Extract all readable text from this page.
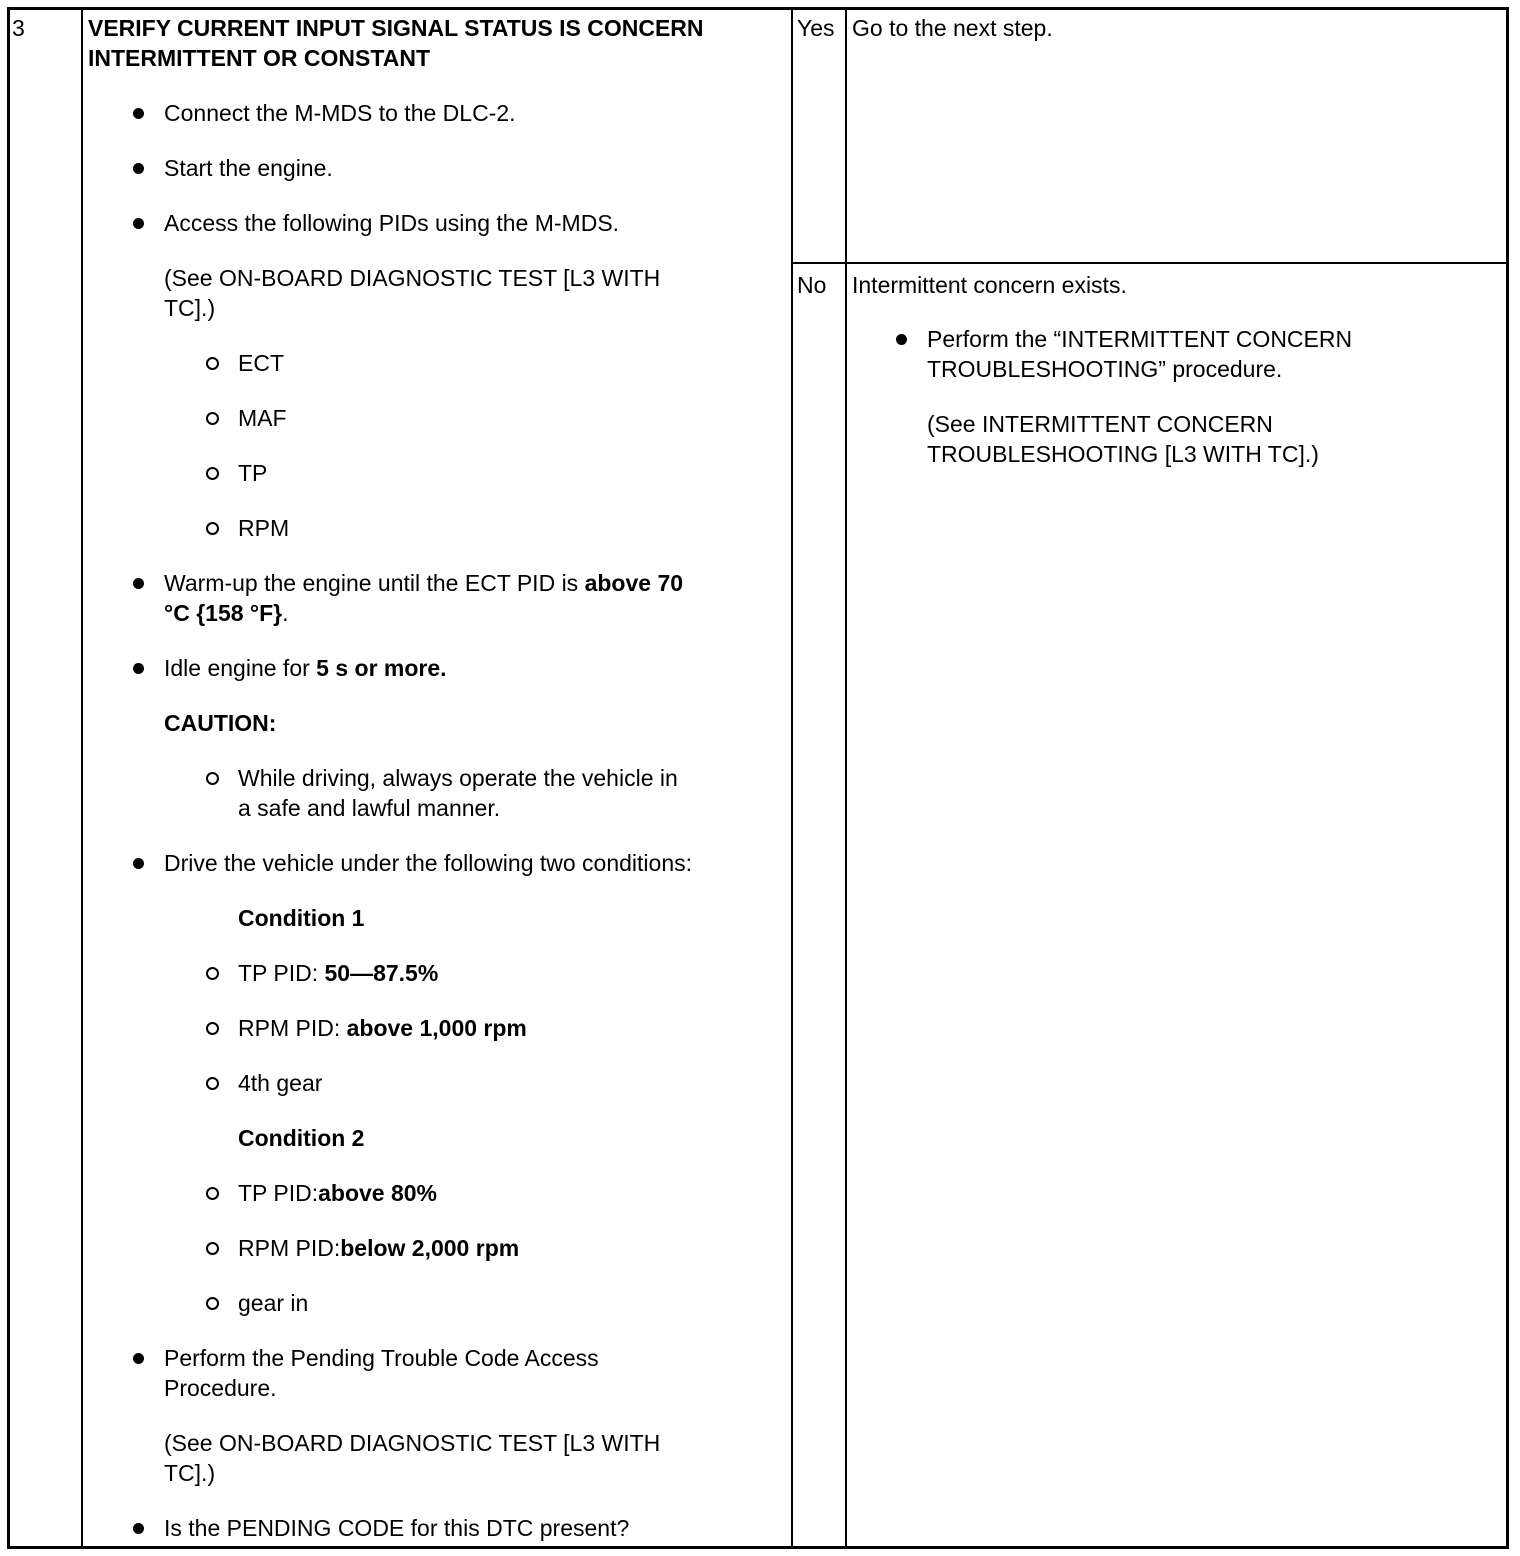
3	VERIFY CURRENT INPUT SIGNAL STATUS IS CONCERN
INTERMITTENT OR CONSTANT
Connect the M-MDS to the DLC-2.
Start the engine.
Access the following PIDs using the M-MDS.
(See ON-BOARD DIAGNOSTIC TEST [L3 WITH
TC].)
ECT
MAF
TP
RPM
Warm-up the engine until the ECT PID is above 70
°C {158 °F}.
Idle engine for 5 s or more.
CAUTION:
While driving, always operate the vehicle in
a safe and lawful manner.
Drive the vehicle under the following two conditions:
Condition 1
TP PID: 50—87.5%
RPM PID: above 1,000 rpm
4th gear
Condition 2
TP PID:above 80%
RPM PID:below 2,000 rpm
gear in
Perform the Pending Trouble Code Access
Procedure.
(See ON-BOARD DIAGNOSTIC TEST [L3 WITH
TC].)
Is the PENDING CODE for this DTC present?
Yes Go to the next step.
No Intermittent concern exists.
Perform the “INTERMITTENT CONCERN
TROUBLESHOOTING” procedure.
(See INTERMITTENT CONCERN
TROUBLESHOOTING [L3 WITH TC].)
